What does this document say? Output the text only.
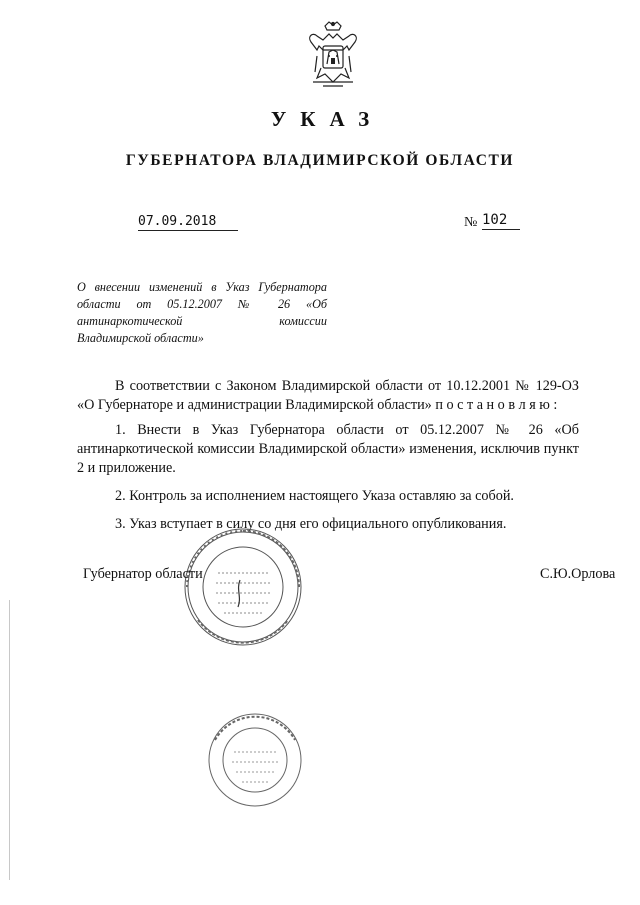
УКАЗ
ГУБЕРНАТОРА ВЛАДИМИРСКОЙ ОБЛАСТИ
07.09.2018	№ 102
О внесении изменений в Указ Губернатора
области от 05.12.2007 № 26 «Об
антинаркотической комиссии
Владимирской области»

В соответствии с Законом Владимирской области от 10.12.2001 № 129-ОЗ «О Губернаторе и администрации Владимирской области» п о с т а н о в л я ю :

1. Внести в Указ Губернатора области от 05.12.2007 № 26 «Об антинаркотической комиссии Владимирской области» изменения, исключив пункт 2 и приложение.

2. Контроль за исполнением настоящего Указа оставляю за собой.

3. Указ вступает в силу со дня его официального опубликования.

Губернатор области	С.Ю.Орлова
